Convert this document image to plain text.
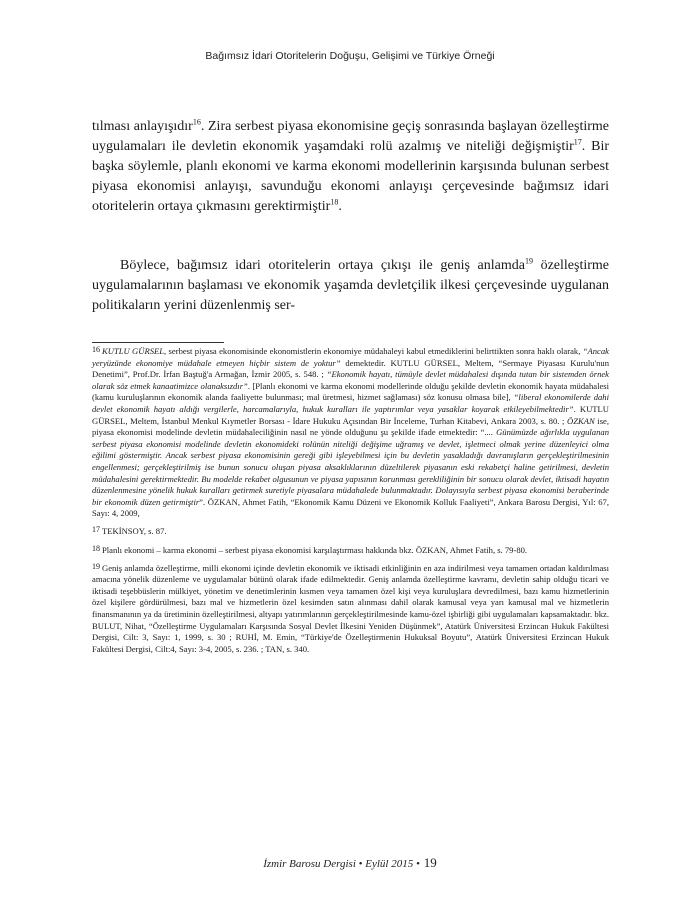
Bağımsız İdari Otoritelerin Doğuşu, Gelişimi ve Türkiye Örneği

tılması anlayışıdır$^{16}$. Zira serbest piyasa ekonomisine geçiş sonrasında başlayan özelleştirme uygulamaları ile devletin ekonomik yaşamdaki rolü azalmış ve niteliği değişmiştir$^{17}$. Bir başka söylemle, planlı ekonomi ve karma ekonomi modellerinin karşısında bulunan serbest piyasa ekonomisi anlayışı, savunduğu ekonomi anlayışı çerçevesinde bağımsız idari otoritelerin ortaya çıkmasını gerektirmiştir$^{18}$.

Böylece, bağımsız idari otoritelerin ortaya çıkışı ile geniş anlamda$^{19}$ özelleştirme uygulamalarının başlaması ve ekonomik yaşamda devletçilik ilkesi çerçevesinde uygulanan politikaların yerini düzenlenmiş ser-

16 KUTLU GÜRSEL, serbest piyasa ekonomisinde ekonomistlerin ekonomiye müdahaleyi kabul etmediklerini belirttikten sonra haklı olarak, “Ancak yeryüzünde ekonomiye müdahale etmeyen hiçbir sistem de yoktur” demektedir. KUTLU GÜRSEL, Meltem, “Sermaye Piyasası Kurulu'nun Denetimi”, Prof.Dr. İrfan Baştuğ'a Armağan, İzmir 2005, s. 548. ; “Ekonomik hayatı, tümüyle devlet müdahalesi dışında tutan bir sistemden örnek olarak söz etmek kanaatimizce olanaksızdır”. [Planlı ekonomi ve karma ekonomi modellerinde olduğu şekilde devletin ekonomik hayata müdahalesi (kamu kuruluşlarının ekonomik alanda faaliyette bulunması; mal üretmesi, hizmet sağlaması) söz konusu olmasa bile], “liberal ekonomilerde dahi devlet ekonomik hayatı aldığı vergilerle, harcamalarıyla, hukuk kuralları ile yaptırımlar veya yasaklar koyarak etkileyebilmektedir”. KUTLU GÜRSEL, Meltem, İstanbul Menkul Kıymetler Borsası - İdare Hukuku Açısından Bir İnceleme, Turhan Kitabevi, Ankara 2003, s. 80. ; ÖZKAN ise, piyasa ekonomisi modelinde devletin müdahaleciliğinin nasıl ne yönde olduğunu şu şekilde ifade etmektedir: “.... Günümüzde ağırlıkla uygulanan serbest piyasa ekonomisi modelinde devletin ekonomideki rolünün niteliği değişime uğramış ve devlet, işletmeci olmak yerine düzenleyici olma eğilimi göstermiştir. Ancak serbest piyasa ekonomisinin gereği gibi işleyebilmesi için bu devletin yasakladığı davranışların gerçekleştirilmesinin engellenmesi; gerçekleştirilmiş ise bunun sonucu oluşan piyasa aksaklıklarının düzeltilerek piyasanın eski rekabetçi haline getirilmesi, devletin müdahalesini gerektirmektedir. Bu modelde rekabet olgusunun ve piyasa yapısının korunması gerekliliğinin bir sonucu olarak devlet, iktisadi hayatın düzenlenmesine yönelik hukuk kuralları getirmek suretiyle piyasalara müdahalede bulunmaktadır. Dolayısıyla serbest piyasa ekonomisi beraberinde bir ekonomik düzen getirmiştir”. ÖZKAN, Ahmet Fatih, “Ekonomik Kamu Düzeni ve Ekonomik Kolluk Faaliyeti”, Ankara Barosu Dergisi, Yıl: 67, Sayı: 4, 2009,

17 TEKİNSOY, s. 87.

18 Planlı ekonomi – karma ekonomi – serbest piyasa ekonomisi karşılaştırması hakkında bkz. ÖZKAN, Ahmet Fatih, s. 79-80.

19 Geniş anlamda özelleştirme, milli ekonomi içinde devletin ekonomik ve iktisadi etkinliğinin en aza indirilmesi veya tamamen ortadan kaldırılması amacına yönelik düzenleme ve uygulamalar bütünü olarak ifade edilmektedir. Geniş anlamda özelleştirme kavramı, devletin sahip olduğu ticari ve iktisadi teşebbüslerin mülkiyet, yönetim ve denetimlerinin kısmen veya tamamen özel kişi veya kuruluşlara devredilmesi, bazı kamu hizmetlerinin özel kişilere gördürülmesi, bazı mal ve hizmetlerin özel kesimden satın alınması dahil olarak kamusal veya yarı kamusal mal ve hizmetlerin finansmanının ya da üretiminin özelleştirilmesi, altyapı yatırımlarının gerçekleştirilmesinde kamu-özel işbirliği gibi uygulamaları kapsamaktadır. bkz. BULUT, Nihat, “Özelleştirme Uygulamaları Karşısında Sosyal Devlet İlkesini Yeniden Düşünmek”, Atatürk Üniversitesi Erzincan Hukuk Fakültesi Dergisi, Cilt: 3, Sayı: 1, 1999, s. 30 ; RUHİ, M. Emin, “Türkiye'de Özelleştirmenin Hukuksal Boyutu”, Atatürk Üniversitesi Erzincan Hukuk Fakültesi Dergisi, Cilt:4, Sayı: 3-4, 2005, s. 236. ; TAN, s. 340.

İzmir Barosu Dergisi • Eylül 2015 • 19
